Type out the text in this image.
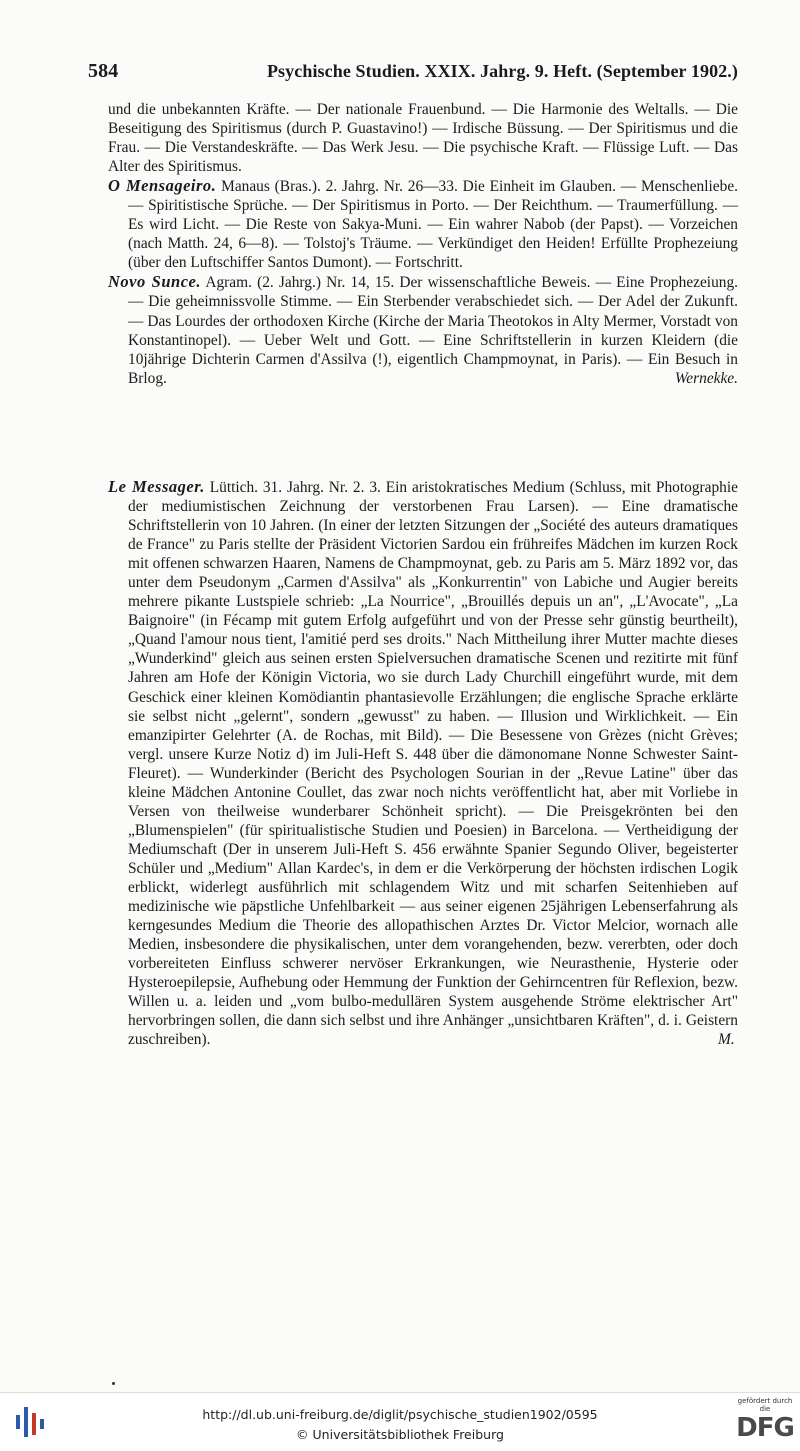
584	Psychische Studien. XXIX. Jahrg. 9. Heft. (September 1902.)

und die unbekannten Kräfte. — Der nationale Frauenbund. — Die Harmonie des Weltalls. — Die Beseitigung des Spiritismus (durch P. Guastavino!) — Irdische Büssung. — Der Spiritismus und die Frau. — Die Verstandeskräfte. — Das Werk Jesu. — Die psychische Kraft. — Flüssige Luft. — Das Alter des Spiritismus.

O Mensageiro. Manaus (Bras.). 2. Jahrg. Nr. 26—33. Die Einheit im Glauben. — Menschenliebe. — Spiritistische Sprüche. — Der Spiritismus in Porto. — Der Reichthum. — Traumerfüllung. — Es wird Licht. — Die Reste von Sakya-Muni. — Ein wahrer Nabob (der Papst). — Vorzeichen (nach Matth. 24, 6—8). — Tolstoj's Träume. — Verkündiget den Heiden! Erfüllte Prophezeiung (über den Luftschiffer Santos Dumont). — Fortschritt.

Novo Sunce. Agram. (2. Jahrg.) Nr. 14, 15. Der wissenschaftliche Beweis. — Eine Prophezeiung. — Die geheimnissvolle Stimme. — Ein Sterbender verabschiedet sich. — Der Adel der Zukunft. — Das Lourdes der orthodoxen Kirche (Kirche der Maria Theotokos in Alty Mermer, Vorstadt von Konstantinopel). — Ueber Welt und Gott. — Eine Schriftstellerin in kurzen Kleidern (die 10jährige Dichterin Carmen d'Assilva (!), eigentlich Champmoynat, in Paris). — Ein Besuch in Brlog.	Wernekke.

Le Messager. Lüttich. 31. Jahrg. Nr. 2. 3. Ein aristokratisches Medium (Schluss, mit Photographie der mediumistischen Zeichnung der verstorbenen Frau Larsen). — Eine dramatische Schriftstellerin von 10 Jahren. (In einer der letzten Sitzungen der „Société des auteurs dramatiques de France" zu Paris stellte der Präsident Victorien Sardou ein frühreifes Mädchen im kurzen Rock mit offenen schwarzen Haaren, Namens de Champmoynat, geb. zu Paris am 5. März 1892 vor, das unter dem Pseudonym „Carmen d'Assilva" als „Konkurrentin" von Labiche und Augier bereits mehrere pikante Lustspiele schrieb: „La Nourrice", „Brouillés depuis un an", „L'Avocate", „La Baignoire" (in Fécamp mit gutem Erfolg aufgeführt und von der Presse sehr günstig beurtheilt), „Quand l'amour nous tient, l'amitié perd ses droits." Nach Mittheilung ihrer Mutter machte dieses „Wunderkind" gleich aus seinen ersten Spielversuchen dramatische Scenen und rezitirte mit fünf Jahren am Hofe der Königin Victoria, wo sie durch Lady Churchill eingeführt wurde, mit dem Geschick einer kleinen Komödiantin phantasievolle Erzählungen; die englische Sprache erklärte sie selbst nicht „gelernt", sondern „gewusst" zu haben. — Illusion und Wirklichkeit. — Ein emanzipirter Gelehrter (A. de Rochas, mit Bild). — Die Besessene von Grèzes (nicht Grèves; vergl. unsere Kurze Notiz d) im Juli-Heft S. 448 über die dämonomane Nonne Schwester Saint-Fleuret). — Wunderkinder (Bericht des Psychologen Sourian in der „Revue Latine" über das kleine Mädchen Antonine Coullet, das zwar noch nichts veröffentlicht hat, aber mit Vorliebe in Versen von theilweise wunderbarer Schönheit spricht). — Die Preisgekrönten bei den „Blumenspielen" (für spiritualistische Studien und Poesien) in Barcelona. — Vertheidigung der Mediumschaft (Der in unserem Juli-Heft S. 456 erwähnte Spanier Segundo Oliver, begeisterter Schüler und „Medium" Allan Kardec's, in dem er die Verkörperung der höchsten irdischen Logik erblickt, widerlegt ausführlich mit schlagendem Witz und mit scharfen Seitenhieben auf medizinische wie päpstliche Unfehlbarkeit — aus seiner eigenen 25jährigen Lebenserfahrung als kerngesundes Medium die Theorie des allopathischen Arztes Dr. Victor Melcior, wornach alle Medien, insbesondere die physikalischen, unter dem vorangehenden, bezw. vererbten, oder doch vorbereiteten Einfluss schwerer nervöser Erkrankungen, wie Neurasthenie, Hysterie oder Hysteroepilepsie, Aufhebung oder Hemmung der Funktion der Gehirncentren für Reflexion, bezw. Willen u. a. leiden und „vom bulbo-medullären System ausgehende Ströme elektrischer Art" hervorbringen sollen, die dann sich selbst und ihre Anhänger „unsichtbaren Kräften", d. i. Geistern zuschreiben).	M.

http://dl.ub.uni-freiburg.de/diglit/psychische_studien1902/0595
© Universitätsbibliothek Freiburg
gefördert durch die
DFG
